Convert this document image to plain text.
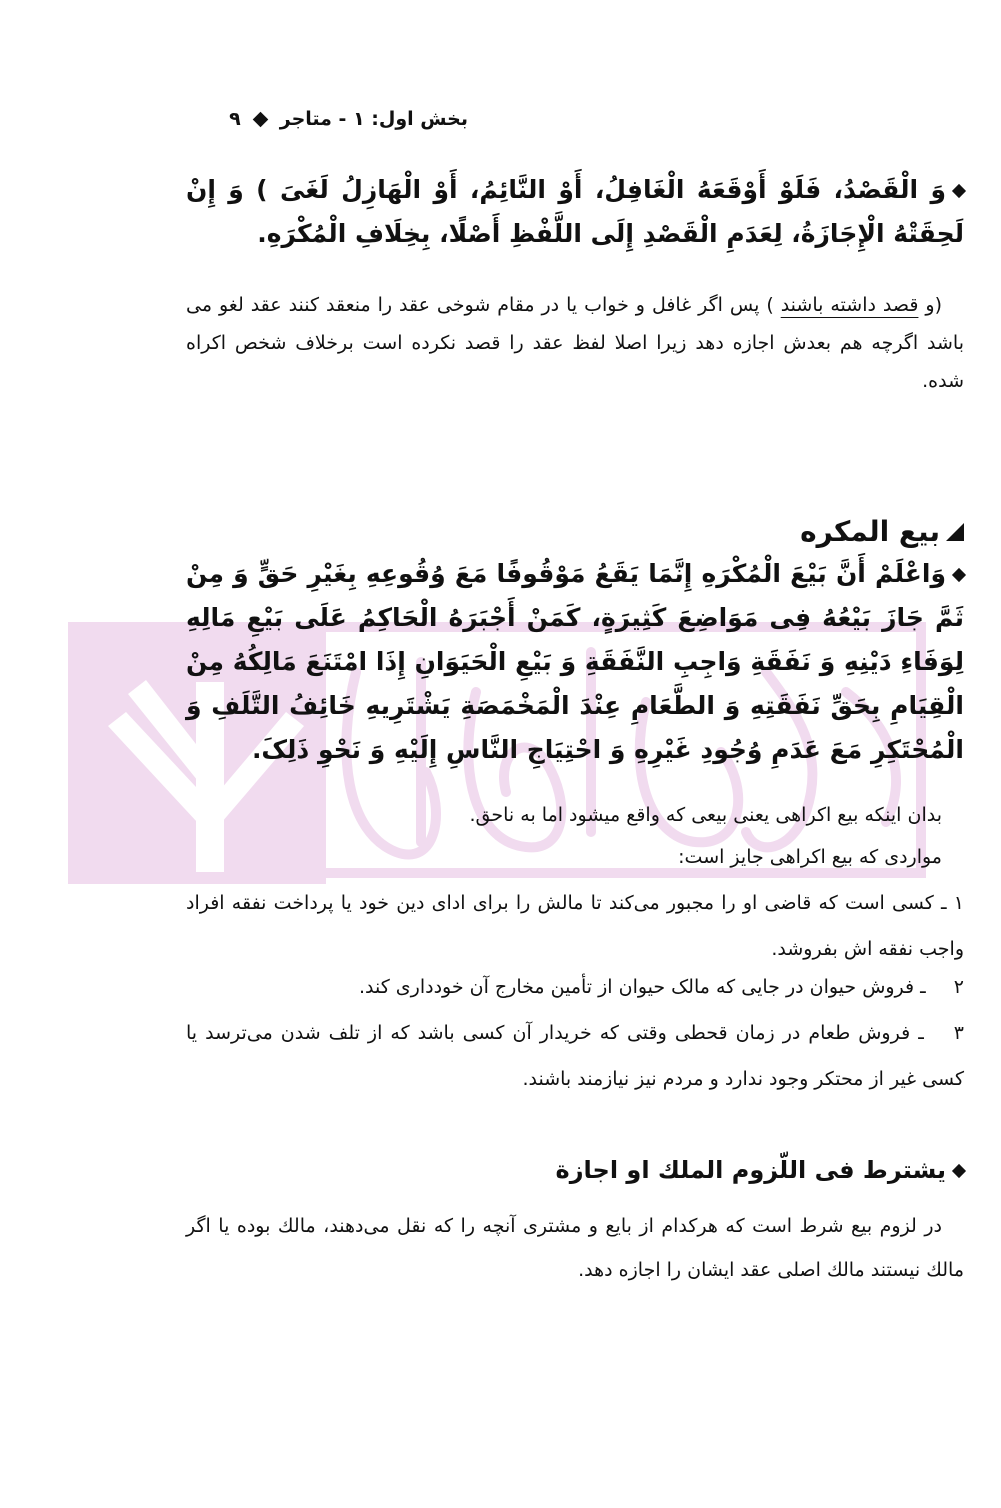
بخش اول: ۱ - متاجر
۹
وَ الْقَصْدُ، فَلَوْ أَوْقَعَهُ الْغَافِلُ، أَوْ النَّائِمُ، أَوْ الْهَازِلُ لَغَیَ ) وَ إِنْ لَحِقَتْهُ الْإِجَازَةُ، لِعَدَمِ الْقَصْدِ إِلَی اللَّفْظِ أَصْلًا، بِخِلَافِ الْمُکْرَهِ.
(و قصد داشته باشند ) پس اگر غافل و خواب یا در مقام شوخی عقد را منعقد کنند عقد لغو می باشد اگرچه هم بعدش اجازه دهد زیرا اصلا لفظ عقد را قصد نکرده است برخلاف شخص اکراه شده.
بیع المکره
وَاعْلَمْ أَنَّ بَیْعَ الْمُکْرَهِ إِنَّمَا یَقَعُ مَوْقُوفًا مَعَ وُقُوعِهِ بِغَیْرِ حَقٍّ وَ مِنْ ثَمَّ جَازَ بَیْعُهُ فِی مَوَاضِعَ کَثِیرَةٍ، کَمَنْ أَجْبَرَهُ الْحَاکِمُ عَلَی بَیْعِ مَالِهِ لِوَفَاءِ دَیْنِهِ وَ نَفَقَةِ وَاجِبِ النَّفَقَةِ وَ بَیْعِ الْحَیَوَانِ إِذَا امْتَنَعَ مَالِکُهُ مِنْ الْقِیَامِ بِحَقِّ نَفَقَتِهِ وَ الطَّعَامِ عِنْدَ الْمَخْمَصَةِ یَشْتَرِیهِ خَائِفُ التَّلَفِ وَ الْمُحْتَکِرِ مَعَ عَدَمِ وُجُودِ غَیْرِهِ وَ احْتِیَاجِ النَّاسِ إِلَیْهِ وَ نَحْوِ ذَلِکَ.
بدان اینکه بیع اکراهی یعنی بیعی که واقع میشود اما به ناحق.
مواردی که بیع اکراهی جایز است:
۱ ـ کسی است که قاضی او را مجبور می‌کند تا مالش را برای ادای دین خود یا پرداخت نفقه افراد واجب نفقه اش بفروشد.
۲ ـ فروش حیوان در جایی که مالک حیوان از تأمین مخارج آن خودداری کند.
۳ ـ فروش طعام در زمان قحطی وقتی که خریدار آن کسی باشد که از تلف شدن می‌ترسد یا کسی غیر از محتکر وجود ندارد و مردم نیز نیازمند باشند.
یشترط فی اللّزوم الملك او اجازة
در لزوم بیع شرط است که هرکدام از بایع و مشتری آنچه را که نقل می‌دهند، مالك بوده یا اگر مالك نیستند مالك اصلی عقد ایشان را اجازه دهد.
